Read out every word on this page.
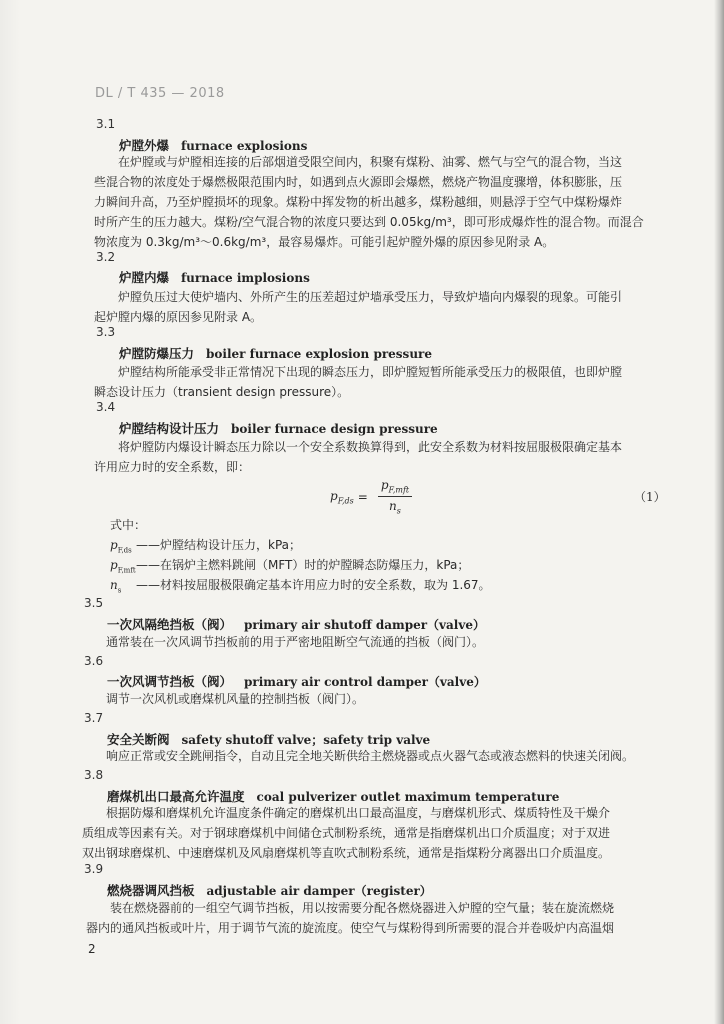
DL / T 435 — 2018
3.1
炉膛外爆 furnace explosions
在炉膛或与炉膛相连接的后部烟道受限空间内，积聚有煤粉、油雾、燃气与空气的混合物，当这
些混合物的浓度处于爆燃极限范围内时，如遇到点火源即会爆燃，燃烧产物温度骤增，体积膨胀，压
力瞬间升高，乃至炉膛损坏的现象。煤粉中挥发物的析出越多，煤粉越细，则悬浮于空气中煤粉爆炸
时所产生的压力越大。煤粉/空气混合物的浓度只要达到 0.05kg/m³，即可形成爆炸性的混合物。而混合
物浓度为 0.3kg/m³～0.6kg/m³，最容易爆炸。可能引起炉膛外爆的原因参见附录 A。
3.2
炉膛内爆 furnace implosions
炉膛负压过大使炉墙内、外所产生的压差超过炉墙承受压力，导致炉墙向内爆裂的现象。可能引
起炉膛内爆的原因参见附录 A。
3.3
炉膛防爆压力 boiler furnace explosion pressure
炉膛结构所能承受非正常情况下出现的瞬态压力，即炉膛短暂所能承受压力的极限值，也即炉膛
瞬态设计压力（transient design pressure）。
3.4
炉膛结构设计压力 boiler furnace design pressure
将炉膛防内爆设计瞬态压力除以一个安全系数换算得到，此安全系数为材料按屈服极限确定基本
许用应力时的安全系数，即：
$p_{F,ds} = \frac{p_{F,mft}}{n_s}$	（1）
式中：
$p_{F,ds}$ ——炉膛结构设计压力，kPa；
$p_{F,mft}$ ——在锅炉主燃料跳闸（MFT）时的炉膛瞬态防爆压力，kPa；
$n_s$	——材料按屈服极限确定基本许用应力时的安全系数，取为 1.67。
3.5
一次风隔绝挡板（阀） primary air shutoff damper（valve）
通常装在一次风调节挡板前的用于严密地阻断空气流通的挡板（阀门）。
3.6
一次风调节挡板（阀） primary air control damper（valve）
调节一次风机或磨煤机风量的控制挡板（阀门）。
3.7
安全关断阀 safety shutoff valve；safety trip valve
响应正常或安全跳闸指令，自动且完全地关断供给主燃烧器或点火器气态或液态燃料的快速关闭阀。
3.8
磨煤机出口最高允许温度 coal pulverizer outlet maximum temperature
根据防爆和磨煤机允许温度条件确定的磨煤机出口最高温度，与磨煤机形式、煤质特性及干燥介
质组成等因素有关。对于钢球磨煤机中间储仓式制粉系统，通常是指磨煤机出口介质温度；对于双进
双出钢球磨煤机、中速磨煤机及风扇磨煤机等直吹式制粉系统，通常是指煤粉分离器出口介质温度。
3.9
燃烧器调风挡板 adjustable air damper（register）
装在燃烧器前的一组空气调节挡板，用以按需要分配各燃烧器进入炉膛的空气量；装在旋流燃烧
器内的通风挡板或叶片，用于调节气流的旋流度。使空气与煤粉得到所需要的混合并卷吸炉内高温烟
2
